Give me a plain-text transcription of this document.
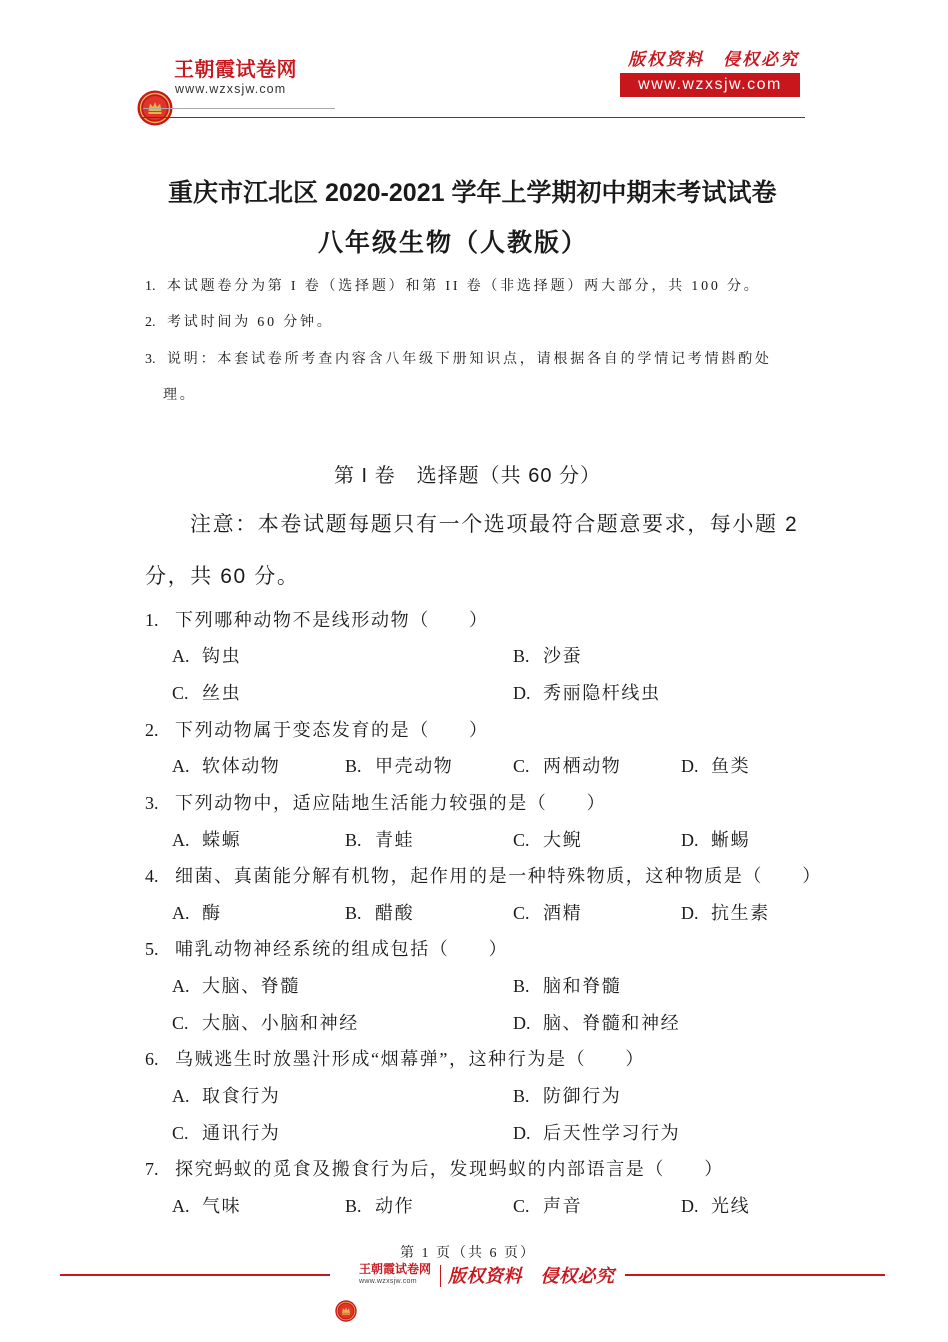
王朝霞试卷网
www.wzxsjw.com
版权资料　侵权必究
www.wzxsjw.com
重庆市江北区 2020-2021 学年上学期初中期末考试试卷
八年级生物（人教版）
1. 本试题卷分为第 I 卷（选择题）和第 II 卷（非选择题）两大部分，共 100 分。
2. 考试时间为 60 分钟。
3. 说明：本套试卷所考查内容含八年级下册知识点，请根据各自的学情记考情斟酌处
理。
第 I 卷　选择题（共 60 分）
注意：本卷试题每题只有一个选项最符合题意要求，每小题 2
分，共 60 分。
1. 下列哪种动物不是线形动物（　　）
A. 钩虫	B. 沙蚕
C. 丝虫	D. 秀丽隐杆线虫
2. 下列动物属于变态发育的是（　　）
A. 软体动物	B. 甲壳动物	C. 两栖动物	D. 鱼类
3. 下列动物中，适应陆地生活能力较强的是（　　）
A. 蝾螈	B. 青蛙	C. 大鲵	D. 蜥蜴
4. 细菌、真菌能分解有机物，起作用的是一种特殊物质，这种物质是（　　）
A. 酶	B. 醋酸	C. 酒精	D. 抗生素
5. 哺乳动物神经系统的组成包括（　　）
A. 大脑、脊髓	B. 脑和脊髓
C. 大脑、小脑和神经	D. 脑、脊髓和神经
6. 乌贼逃生时放墨汁形成“烟幕弹”，这种行为是（　　）
A. 取食行为	B. 防御行为
C. 通讯行为	D. 后天性学习行为
7. 探究蚂蚁的觅食及搬食行为后，发现蚂蚁的内部语言是（　　）
A. 气味	B. 动作	C. 声音	D. 光线
第 1 页（共 6 页）

王朝霞试卷网
www.wzxsjw.com 版权资料　侵权必究
